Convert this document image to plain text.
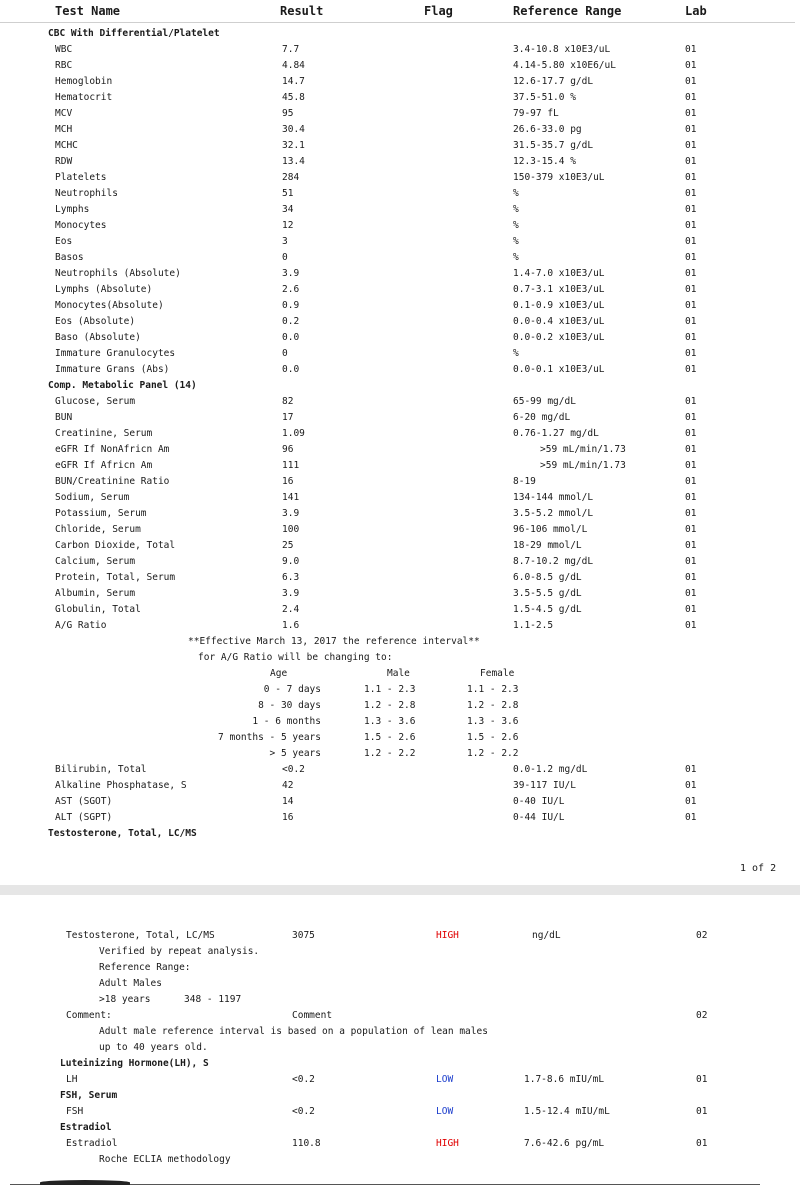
Test Name	Result	Flag	Reference Range	Lab
CBC With Differential/Platelet
WBC	7.7	3.4-10.8 x10E3/uL	01
RBC	4.84	4.14-5.80 x10E6/uL	01
Hemoglobin	14.7	12.6-17.7 g/dL	01
Hematocrit	45.8	37.5-51.0 %	01
MCV	95	79-97 fL	01
MCH	30.4	26.6-33.0 pg	01
MCHC	32.1	31.5-35.7 g/dL	01
RDW	13.4	12.3-15.4 %	01
Platelets	284	150-379 x10E3/uL	01
Neutrophils	51	%	01
Lymphs	34	%	01
Monocytes	12	%	01
Eos	3	%	01
Basos	0	%	01
Neutrophils (Absolute)	3.9	1.4-7.0 x10E3/uL	01
Lymphs (Absolute)	2.6	0.7-3.1 x10E3/uL	01
Monocytes(Absolute)	0.9	0.1-0.9 x10E3/uL	01
Eos (Absolute)	0.2	0.0-0.4 x10E3/uL	01
Baso (Absolute)	0.0	0.0-0.2 x10E3/uL	01
Immature Granulocytes	0	%	01
Immature Grans (Abs)	0.0	0.0-0.1 x10E3/uL	01
Comp. Metabolic Panel (14)
Glucose, Serum	82	65-99 mg/dL	01
BUN	17	6-20 mg/dL	01
Creatinine, Serum	1.09	0.76-1.27 mg/dL	01
eGFR If NonAfricn Am	96	>59 mL/min/1.73	01
eGFR If Africn Am	111	>59 mL/min/1.73	01
BUN/Creatinine Ratio	16	8-19	01
Sodium, Serum	141	134-144 mmol/L	01
Potassium, Serum	3.9	3.5-5.2 mmol/L	01
Chloride, Serum	100	96-106 mmol/L	01
Carbon Dioxide, Total	25	18-29 mmol/L	01
Calcium, Serum	9.0	8.7-10.2 mg/dL	01
Protein, Total, Serum	6.3	6.0-8.5 g/dL	01
Albumin, Serum	3.9	3.5-5.5 g/dL	01
Globulin, Total	2.4	1.5-4.5 g/dL	01
A/G Ratio	1.6	1.1-2.5	01
**Effective March 13, 2017 the reference interval**
for A/G Ratio will be changing to:
Age	Male	Female
0 - 7 days	1.1 - 2.3	1.1 - 2.3
8 - 30 days	1.2 - 2.8	1.2 - 2.8
1 - 6 months	1.3 - 3.6	1.3 - 3.6
7 months - 5 years	1.5 - 2.6	1.5 - 2.6
> 5 years	1.2 - 2.2	1.2 - 2.2
Bilirubin, Total	<0.2	0.0-1.2 mg/dL	01
Alkaline Phosphatase, S	42	39-117 IU/L	01
AST (SGOT)	14	0-40 IU/L	01
ALT (SGPT)	16	0-44 IU/L	01
Testosterone, Total, LC/MS
1 of 2
Testosterone, Total, LC/MS	3075	HIGH	ng/dL	02
Verified by repeat analysis.
Reference Range:
Adult Males
>18 years	348 - 1197
Comment:	Comment	02
Adult male reference interval is based on a population of lean males
up to 40 years old.
Luteinizing Hormone(LH), S
LH	<0.2	LOW	1.7-8.6 mIU/mL	01
FSH, Serum
FSH	<0.2	LOW	1.5-12.4 mIU/mL	01
Estradiol
Estradiol	110.8	HIGH	7.6-42.6 pg/mL	01
Roche ECLIA methodology
